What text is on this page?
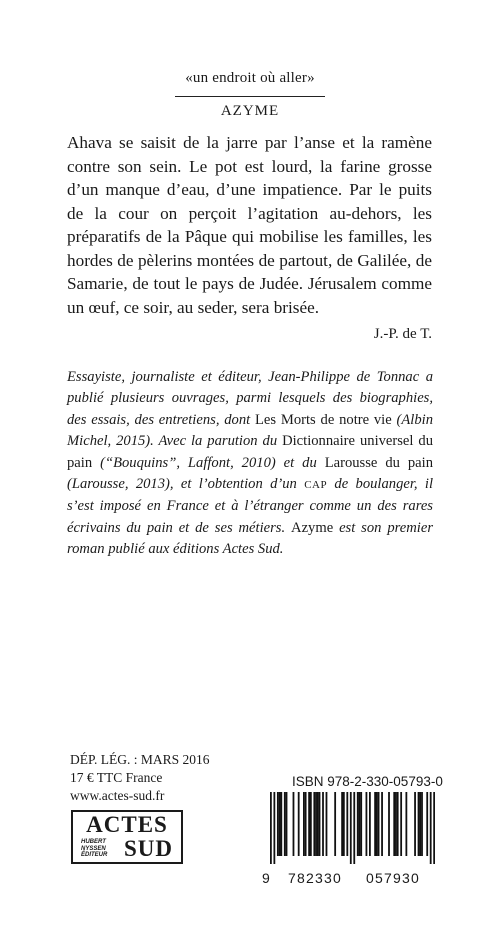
«un endroit où aller»
AZYME

Ahava se saisit de la jarre par l’anse et la ramène contre son sein. Le pot est lourd, la farine grosse d’un manque d’eau, d’une impatience. Par le puits de la cour on perçoit l’agitation au-dehors, les préparatifs de la Pâque qui mobilise les familles, les hordes de pèlerins montées de partout, de Galilée, de Samarie, de tout le pays de Judée. Jérusalem comme un œuf, ce soir, au seder, sera brisée.

J.-P. de T.

Essayiste, journaliste et éditeur, Jean-Philippe de Tonnac a publié plusieurs ouvrages, parmi lesquels des biographies, des essais, des entretiens, dont Les Morts de notre vie (Albin Michel, 2015). Avec la parution du Dictionnaire universel du pain (“Bouquins”, Laffont, 2010) et du Larousse du pain (Larousse, 2013), et l’obtention d’un CAP de boulanger, il s’est imposé en France et à l’étranger comme un des rares écrivains du pain et de ses métiers. Azyme est son premier roman publié aux éditions Actes Sud.

DÉP. LÉG. : MARS 2016
17 € TTC France
www.actes-sud.fr
ACTES
HUBERT
NYSSEN
ÉDITEUR SUD
ISBN 978-2-330-05793-0
9	782330	057930
